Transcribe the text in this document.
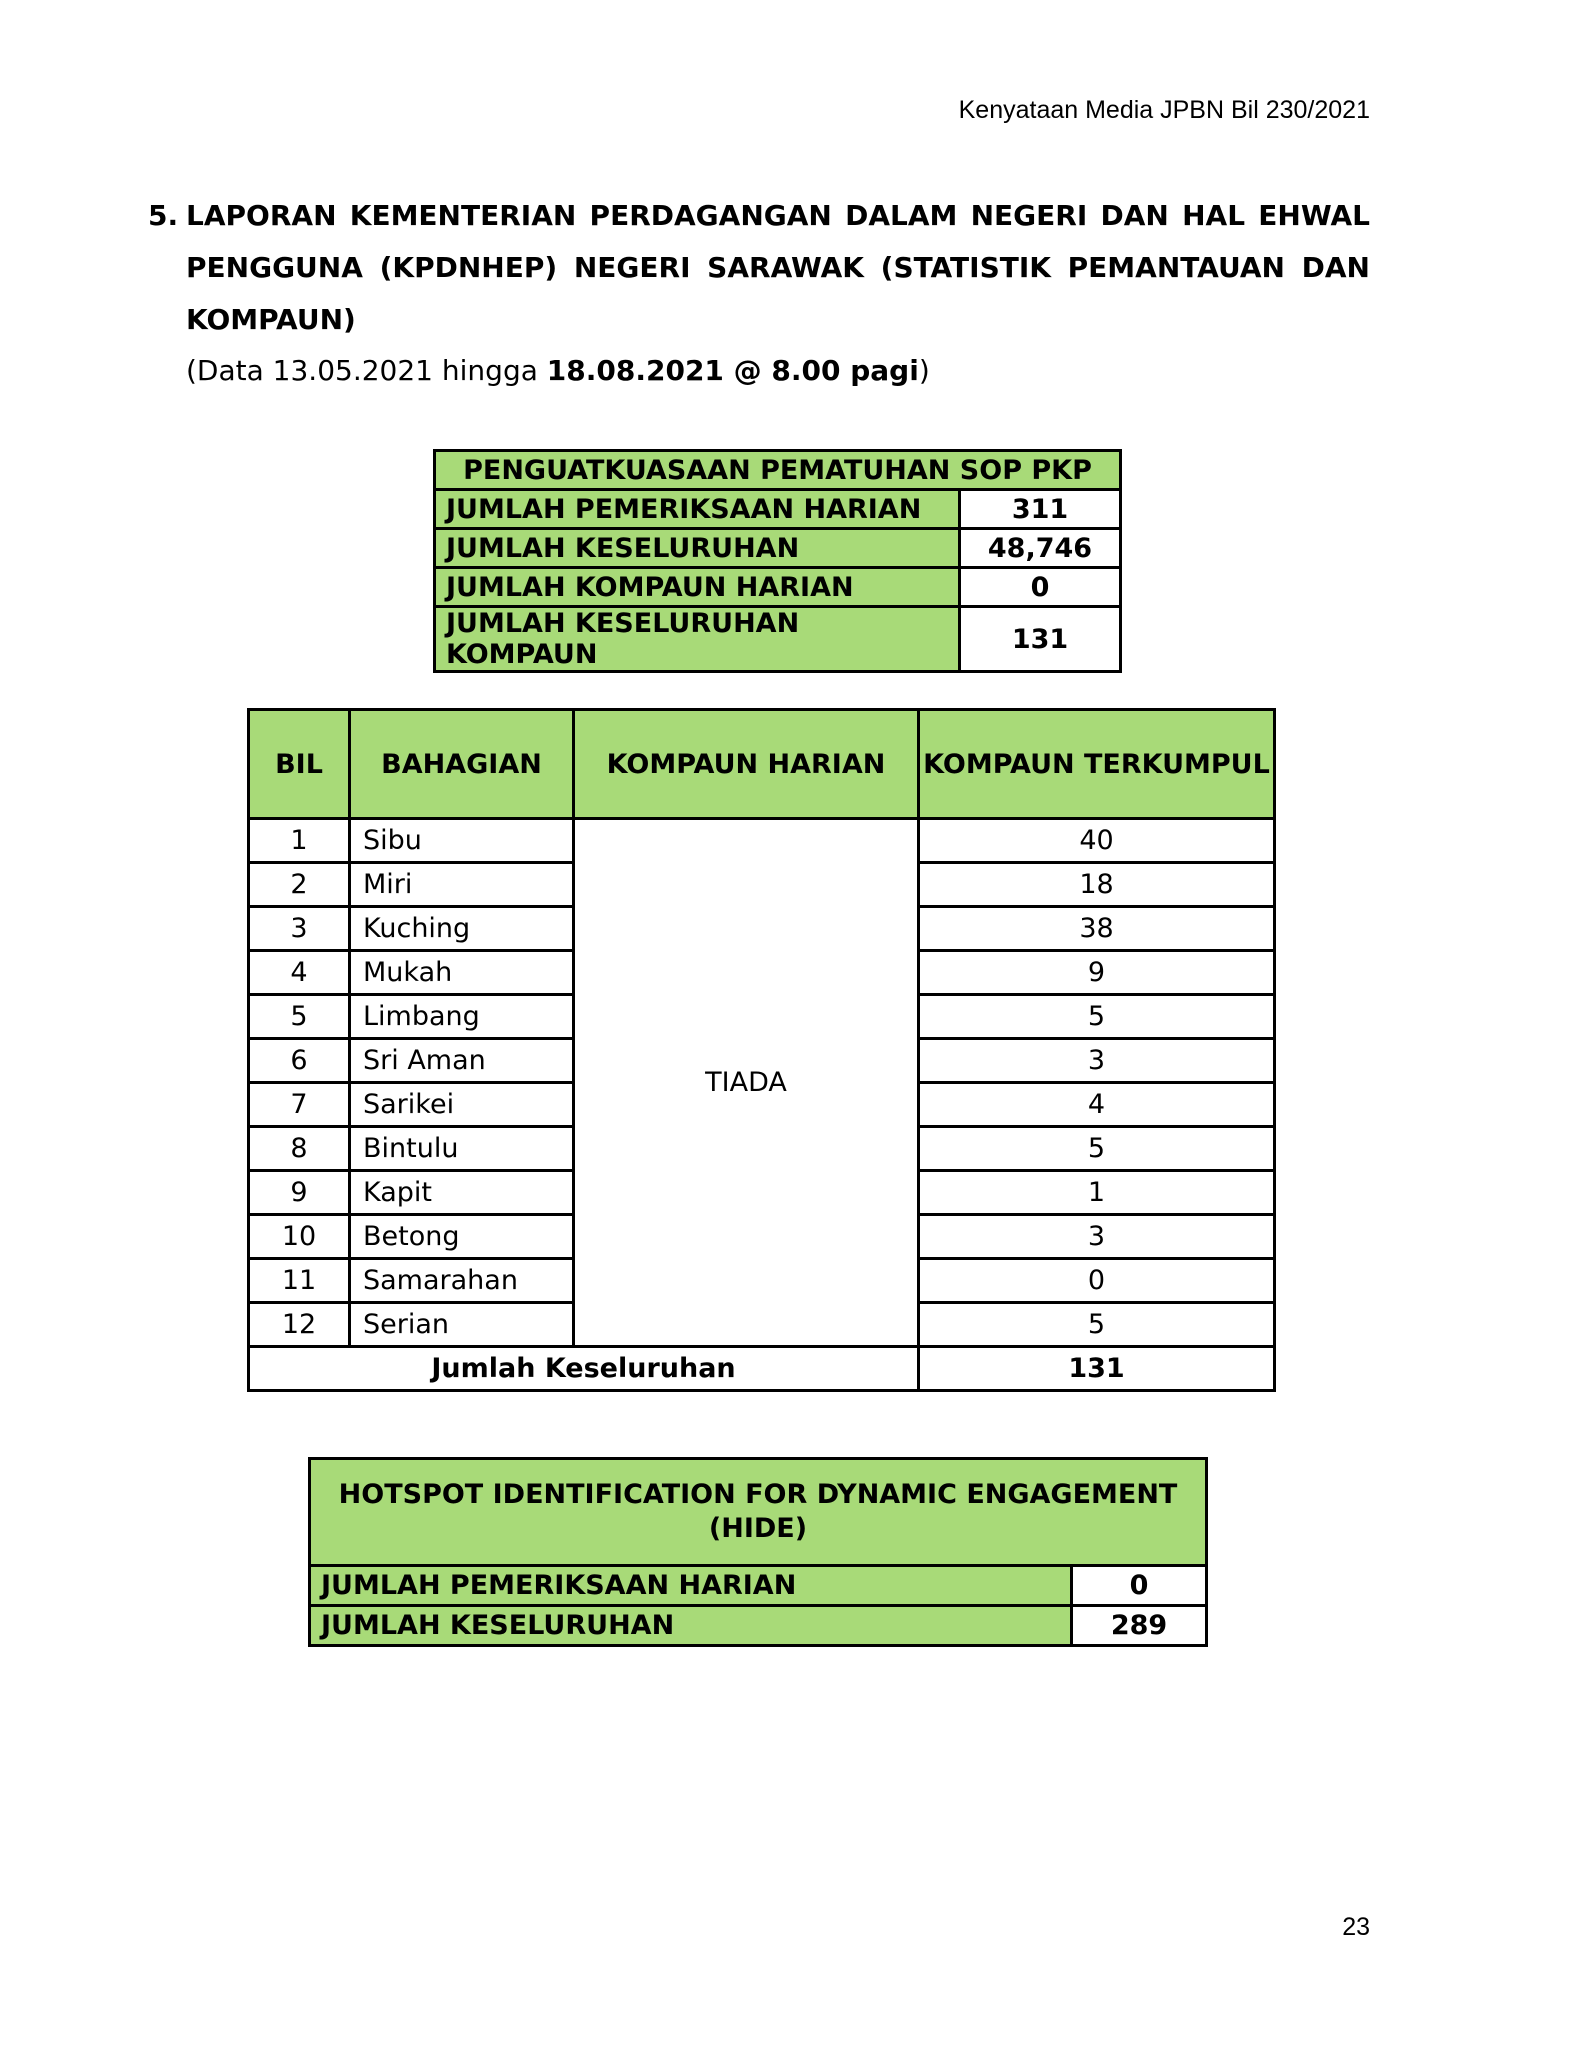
Kenyataan Media JPBN Bil 230/2021
5. LAPORAN KEMENTERIAN PERDAGANGAN DALAM NEGERI DAN HAL EHWAL PENGGUNA (KPDNHEP) NEGERI SARAWAK (STATISTIK PEMANTAUAN DAN KOMPAUN)
(Data 13.05.2021 hingga 18.08.2021 @ 8.00 pagi)
PENGUATKUASAAN PEMATUHAN SOP PKP	
JUMLAH PEMERIKSAAN HARIAN	311
JUMLAH KESELURUHAN	48,746
JUMLAH KOMPAUN HARIAN	0
JUMLAH KESELURUHAN KOMPAUN	131
BIL	BAHAGIAN	KOMPAUN HARIAN	KOMPAUN TERKUMPUL
1	Sibu	TIADA	40
2	Miri		18
3	Kuching		38
4	Mukah		9
5	Limbang		5
6	Sri Aman		3
7	Sarikei		4
8	Bintulu		5
9	Kapit		1
10	Betong		3
11	Samarahan		0
12	Serian		5
Jumlah Keseluruhan			131
HOTSPOT IDENTIFICATION FOR DYNAMIC ENGAGEMENT (HIDE)	
JUMLAH PEMERIKSAAN HARIAN	0
JUMLAH KESELURUHAN	289
23
